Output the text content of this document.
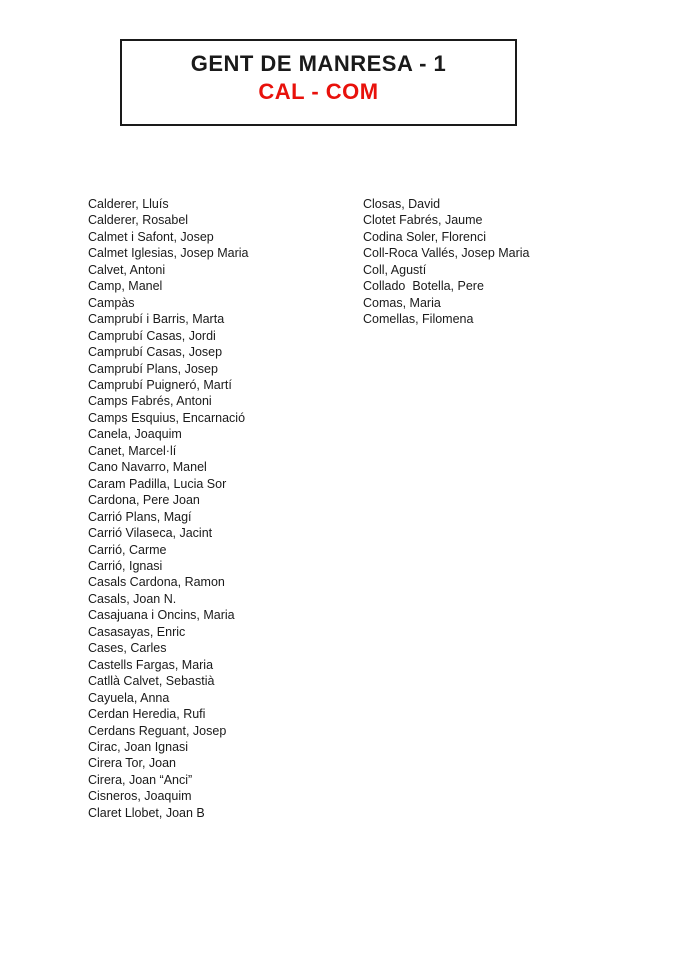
GENT DE MANRESA - 1
CAL - COM
Calderer, Lluís
Calderer, Rosabel
Calmet i Safont, Josep
Calmet Iglesias, Josep Maria
Calvet, Antoni
Camp, Manel
Campàs
Camprubí i Barris, Marta
Camprubí Casas, Jordi
Camprubí Casas, Josep
Camprubí Plans, Josep
Camprubí Puigneró, Martí
Camps Fabrés, Antoni
Camps Esquius, Encarnació
Canela, Joaquim
Canet, Marcel·lí
Cano Navarro, Manel
Caram Padilla, Lucia Sor
Cardona, Pere Joan
Carrió Plans, Magí
Carrió Vilaseca, Jacint
Carrió, Carme
Carrió, Ignasi
Casals Cardona, Ramon
Casals, Joan N.
Casajuana i Oncins, Maria
Casasayas, Enric
Cases, Carles
Castells Fargas, Maria
Catllà Calvet, Sebastià
Cayuela, Anna
Cerdan Heredia, Rufi
Cerdans Reguant, Josep
Cirac, Joan Ignasi
Cirera Tor, Joan
Cirera, Joan “Anci”
Cisneros, Joaquim
Claret Llobet, Joan B
Closas, David
Clotet Fabrés, Jaume
Codina Soler, Florenci
Coll-Roca Vallés, Josep Maria
Coll, Agustí
Collado  Botella, Pere
Comas, Maria
Comellas, Filomena
